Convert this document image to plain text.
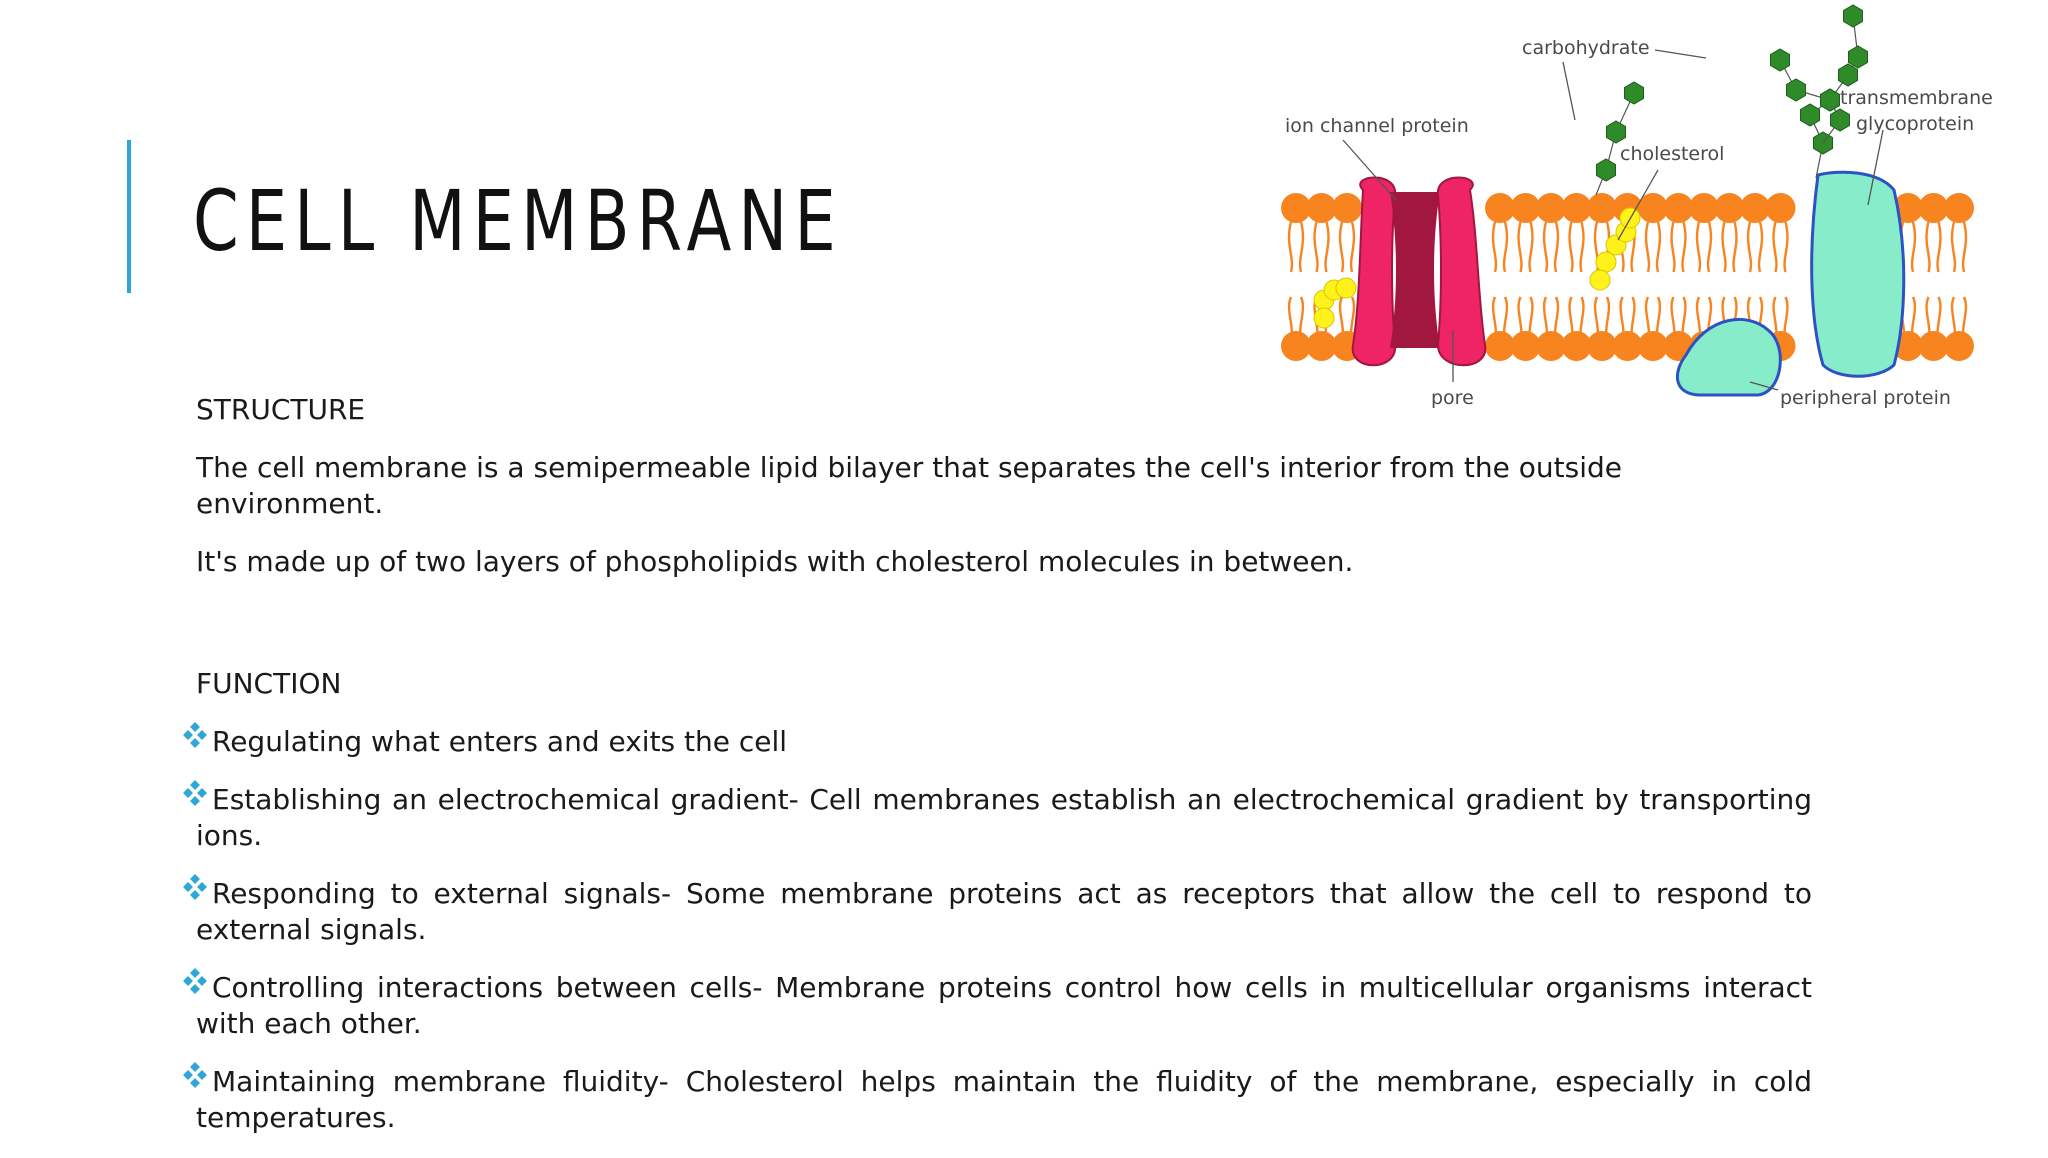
CELL MEMBRANE

STRUCTURE

The cell membrane is a semipermeable lipid bilayer that separates the cell's interior from the outside environment.

It's made up of two layers of phospholipids with cholesterol molecules in between.

FUNCTION

Regulating what enters and exits the cell

Establishing an electrochemical gradient- Cell membranes establish an electrochemical gradient by transporting ions.

Responding to external signals- Some membrane proteins act as receptors that allow the cell to respond to external signals.

Controlling interactions between cells- Membrane proteins control how cells in multicellular organisms interact with each other.

Maintaining membrane fluidity- Cholesterol helps maintain the fluidity of the membrane, especially in cold temperatures.

carbohydrate
ion channel protein
cholesterol
transmembrane
glycoprotein
pore	peripheral protein
